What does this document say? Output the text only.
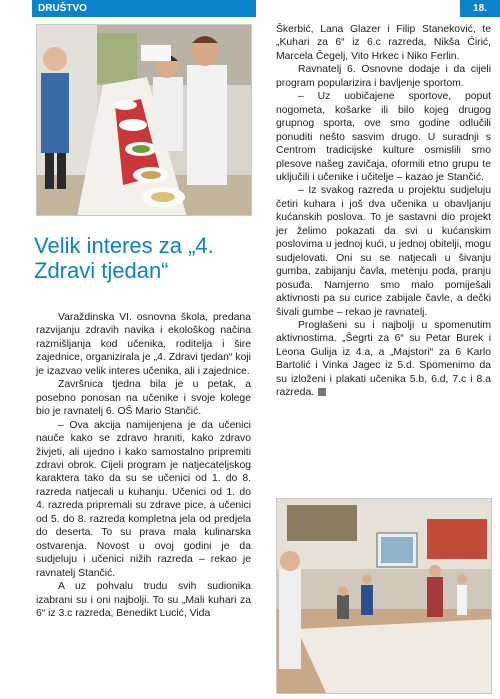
DRUŠTVO	18.
Velik interes za „4. Zdravi tjedan“

Varaždinska VI. osnovna škola, predana razvijanju zdravih navika i ekološkog načina razmišljanja kod učenika, roditelja i šire zajednice, organizirala je „4. Zdravi tjedan“ koji je izazvao velik interes učenika, ali i zajednice.

Završnica tjedna bila je u petak, a posebno ponosan na učenike i svoje kolege bio je ravnatelj 6. OŠ Mario Stančić.

– Ova akcija namijenjena je da učenici nauče kako se zdravo hraniti, kako zdravo živjeti, ali ujedno i kako samostalno pripremiti zdravi obrok. Cijeli program je natjecateljskog karaktera tako da su se učenici od 1. do 8. razreda natjecali u kuhanju. Učenici od 1. do 4. razreda pripremali su zdrave pice, a učenici od 5. do 8. razreda kompletna jela od predjela do deserta. To su prava mala kulinarska ostvarenja. Novost u ovoj godini je da sudjeluju i učenici nižih razreda – rekao je ravnatelj Stančić.

A uz pohvalu trudu svih sudionika izabrani su i oni najbolji. To su „Mali kuhari za 6“ iz 3.c razreda, Benedikt Lucić, Vida

Škerbić, Lana Glazer i Filip Staneković, te „Kuhari za 6“ iz 6.c razreda, Nikša Ćirić, Marcela Čegelj, Vito Hrkec i Niko Ferlin.

Ravnatelj 6. Osnovne dodaje i da cijeli program popularizira i bavljenje sportom.

– Uz uobičajene sportove, poput nogometa, košarke ili bilo kojeg drugog grupnog sporta, ove smo godine odlučili ponuditi nešto sasvim drugo. U suradnji s Centrom tradicijske kulture osmislili smo plesove našeg zavičaja, oformili etno grupu te uključili i učenike i učitelje – kazao je Stančić.

– Iz svakog razreda u projektu sudjeluju četiri kuhara i još dva učenika u obavljanju kućanskih poslova. To je sastavni dio projekt jer želimo pokazati da svi u kućanskim poslovima u jednoj kući, u jednoj obitelji, mogu sudjelovati. Oni su se natjecali u šivanju gumba, zabijanju čavla, metenju poda, pranju posuđa. Namjerno smo malo pomiješali aktivnosti pa su curice zabijale čavle, a dečki šivali gumbe – rekao je ravnatelj.

Proglašeni su i najbolji u spomenutim aktivnostima. „Šegrti za 6“ su Petar Burek i Leona Gulija iz 4.a, a „Majstori“ za 6 Karlo Bartolić i Vinka Jagec iz 5.d. Spomenimo da su izloženi i plakati učenika 5.b, 6.d, 7.c i 8.a razreda.
